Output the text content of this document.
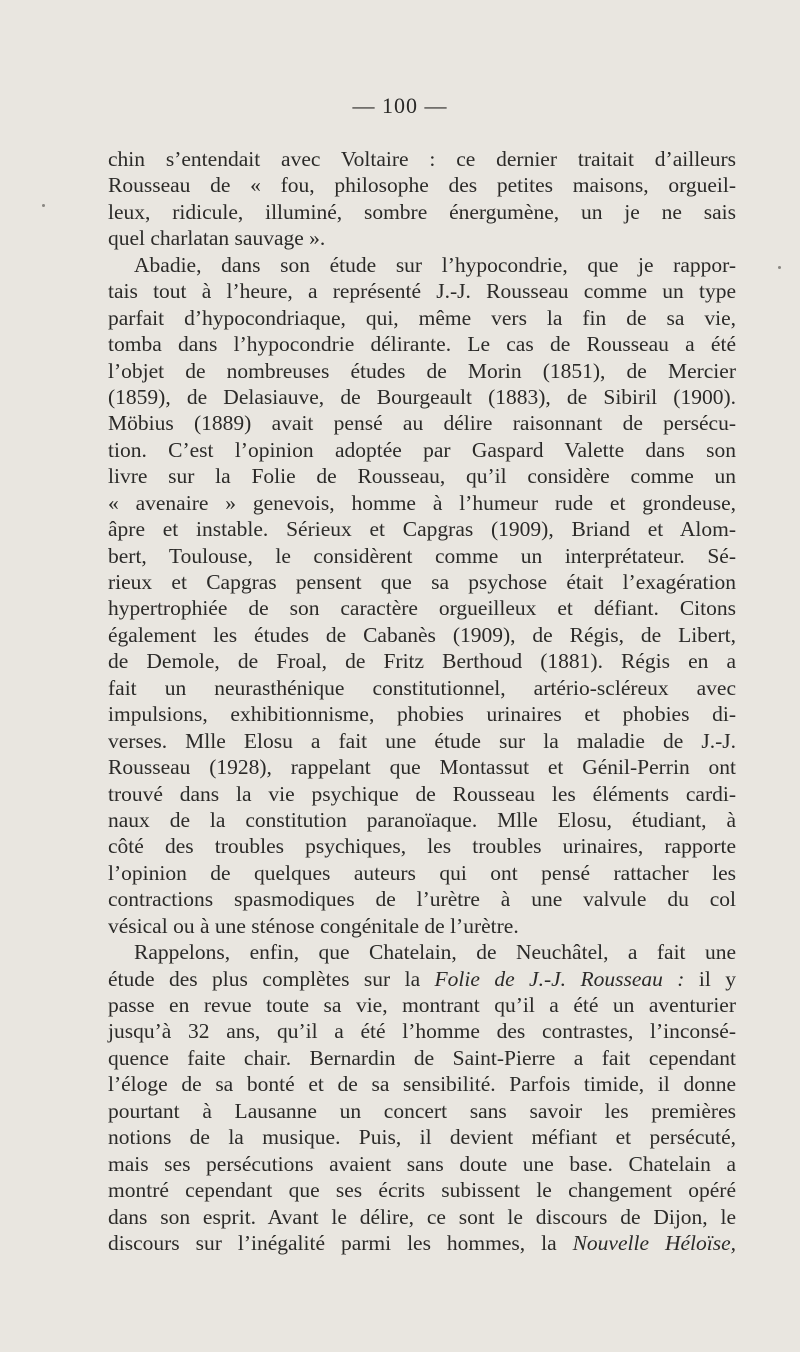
— 100 —
chin s’entendait avec Voltaire : ce dernier traitait d’ailleurs
Rousseau de « fou, philosophe des petites maisons, orgueil-
leux, ridicule, illuminé, sombre énergumène, un je ne sais
quel charlatan sauvage ».
Abadie, dans son étude sur l’hypocondrie, que je rappor-
tais tout à l’heure, a représenté J.-J. Rousseau comme un type
parfait d’hypocondriaque, qui, même vers la fin de sa vie,
tomba dans l’hypocondrie délirante. Le cas de Rousseau a été
l’objet de nombreuses études de Morin (1851), de Mercier
(1859), de Delasiauve, de Bourgeault (1883), de Sibiril (1900).
Möbius (1889) avait pensé au délire raisonnant de persécu-
tion. C’est l’opinion adoptée par Gaspard Valette dans son
livre sur la Folie de Rousseau, qu’il considère comme un
« avenaire » genevois, homme à l’humeur rude et grondeuse,
âpre et instable. Sérieux et Capgras (1909), Briand et Alom-
bert, Toulouse, le considèrent comme un interprétateur. Sé-
rieux et Capgras pensent que sa psychose était l’exagération
hypertrophiée de son caractère orgueilleux et défiant. Citons
également les études de Cabanès (1909), de Régis, de Libert,
de Demole, de Froal, de Fritz Berthoud (1881). Régis en a
fait un neurasthénique constitutionnel, artério-scléreux avec
impulsions, exhibitionnisme, phobies urinaires et phobies di-
verses. Mlle Elosu a fait une étude sur la maladie de J.-J.
Rousseau (1928), rappelant que Montassut et Génil-Perrin ont
trouvé dans la vie psychique de Rousseau les éléments cardi-
naux de la constitution paranoïaque. Mlle Elosu, étudiant, à
côté des troubles psychiques, les troubles urinaires, rapporte
l’opinion de quelques auteurs qui ont pensé rattacher les
contractions spasmodiques de l’urètre à une valvule du col
vésical ou à une sténose congénitale de l’urètre.
Rappelons, enfin, que Chatelain, de Neuchâtel, a fait une
étude des plus complètes sur la Folie de J.-J. Rousseau : il y
passe en revue toute sa vie, montrant qu’il a été un aventurier
jusqu’à 32 ans, qu’il a été l’homme des contrastes, l’inconsé-
quence faite chair. Bernardin de Saint-Pierre a fait cependant
l’éloge de sa bonté et de sa sensibilité. Parfois timide, il donne
pourtant à Lausanne un concert sans savoir les premières
notions de la musique. Puis, il devient méfiant et persécuté,
mais ses persécutions avaient sans doute une base. Chatelain a
montré cependant que ses écrits subissent le changement opéré
dans son esprit. Avant le délire, ce sont le discours de Dijon, le
discours sur l’inégalité parmi les hommes, la Nouvelle Héloïse,
